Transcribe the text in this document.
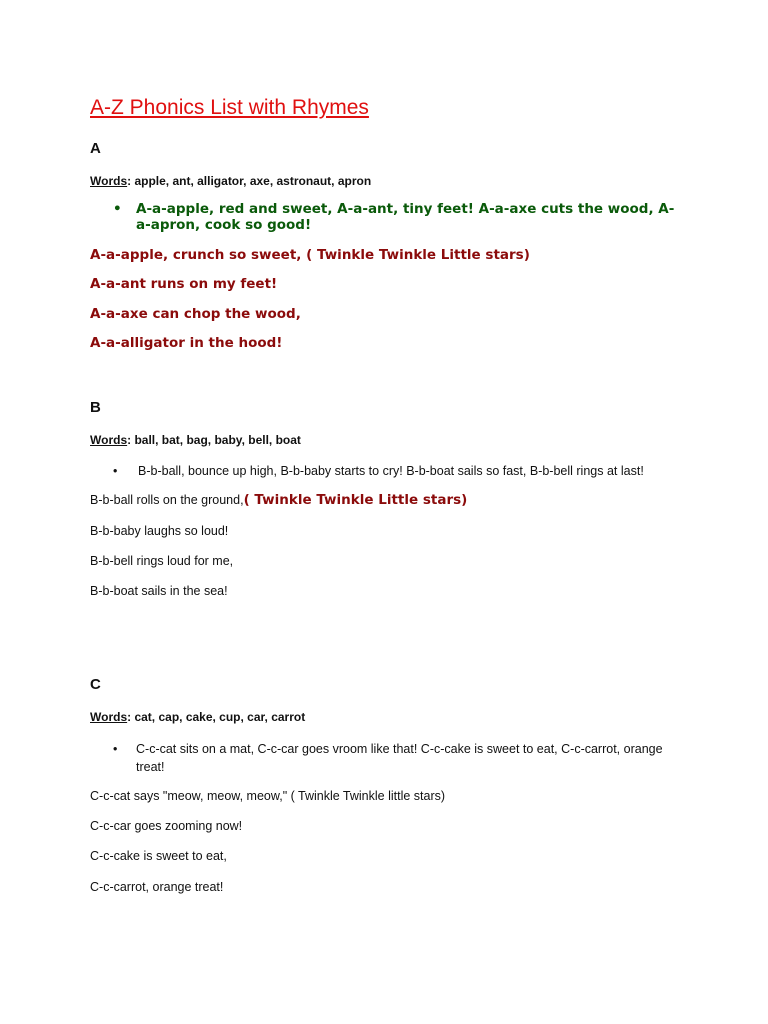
A-Z Phonics List with Rhymes
A
Words: apple, ant, alligator, axe, astronaut, apron
• A-a-apple, red and sweet, A-a-ant, tiny feet! A-a-axe cuts the wood, A-a-apron, cook so good!
A-a-apple, crunch so sweet, ( Twinkle Twinkle Little stars)
A-a-ant runs on my feet!
A-a-axe can chop the wood,
A-a-alligator in the hood!
B
Words: ball, bat, bag, baby, bell, boat
• B-b-ball, bounce up high, B-b-baby starts to cry! B-b-boat sails so fast, B-b-bell rings at last!
B-b-ball rolls on the ground,( Twinkle Twinkle Little stars)
B-b-baby laughs so loud!
B-b-bell rings loud for me,
B-b-boat sails in the sea!
C
Words: cat, cap, cake, cup, car, carrot
• C-c-cat sits on a mat, C-c-car goes vroom like that! C-c-cake is sweet to eat, C-c-carrot, orange treat!
C-c-cat says "meow, meow, meow," ( Twinkle Twinkle little stars)
C-c-car goes zooming now!
C-c-cake is sweet to eat,
C-c-carrot, orange treat!
